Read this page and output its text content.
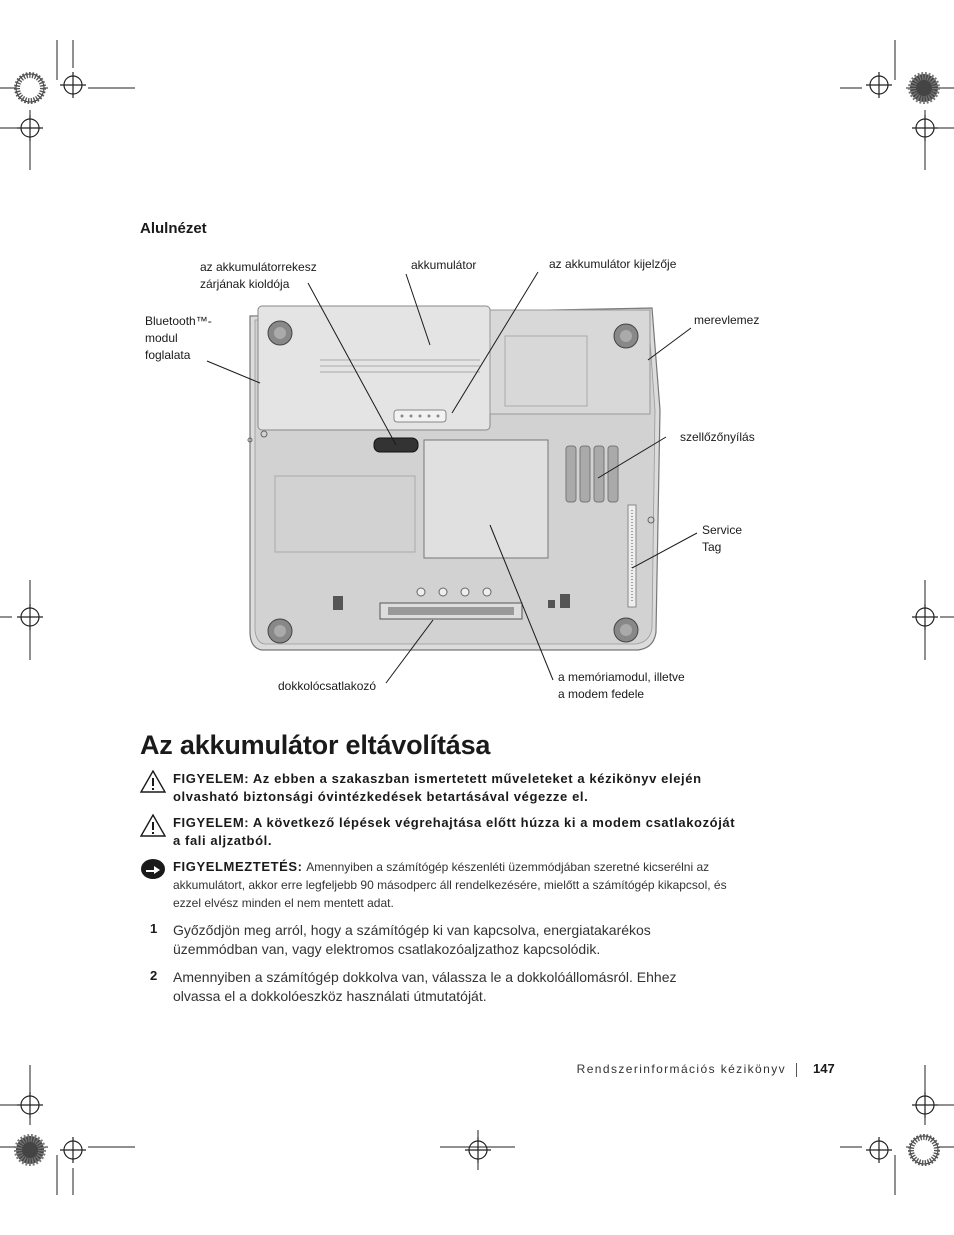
Alulnézet
az akkumulátorrekesz
zárjának kioldója
akkumulátor	az akkumulátor kijelzője
Bluetooth™-
modul
foglalata
merevlemez
szellőzőnyílás
Service
Tag
dokkolócsatlakozó
a memóriamodul, illetve
a modem fedele
Az akkumulátor eltávolítása
FIGYELEM: Az ebben a szakaszban ismertetett műveleteket a kézikönyv elején olvasható biztonsági óvintézkedések betartásával végezze el.
FIGYELEM: A következő lépések végrehajtása előtt húzza ki a modem csatlakozóját a fali aljzatból.
FIGYELMEZTETÉS: Amennyiben a számítógép készenléti üzemmódjában szeretné kicserélni az akkumulátort, akkor erre legfeljebb 90 másodperc áll rendelkezésére, mielőtt a számítógép kikapcsol, és ezzel elvész minden el nem mentett adat.
1 Győződjön meg arról, hogy a számítógép ki van kapcsolva, energiatakarékos üzemmódban van, vagy elektromos csatlakozóaljzathoz kapcsolódik.
2 Amennyiben a számítógép dokkolva van, válassza le a dokkolóállomásról. Ehhez olvassa el a dokkolóeszköz használati útmutatóját.
Rendszerinformációs kézikönyv 147
